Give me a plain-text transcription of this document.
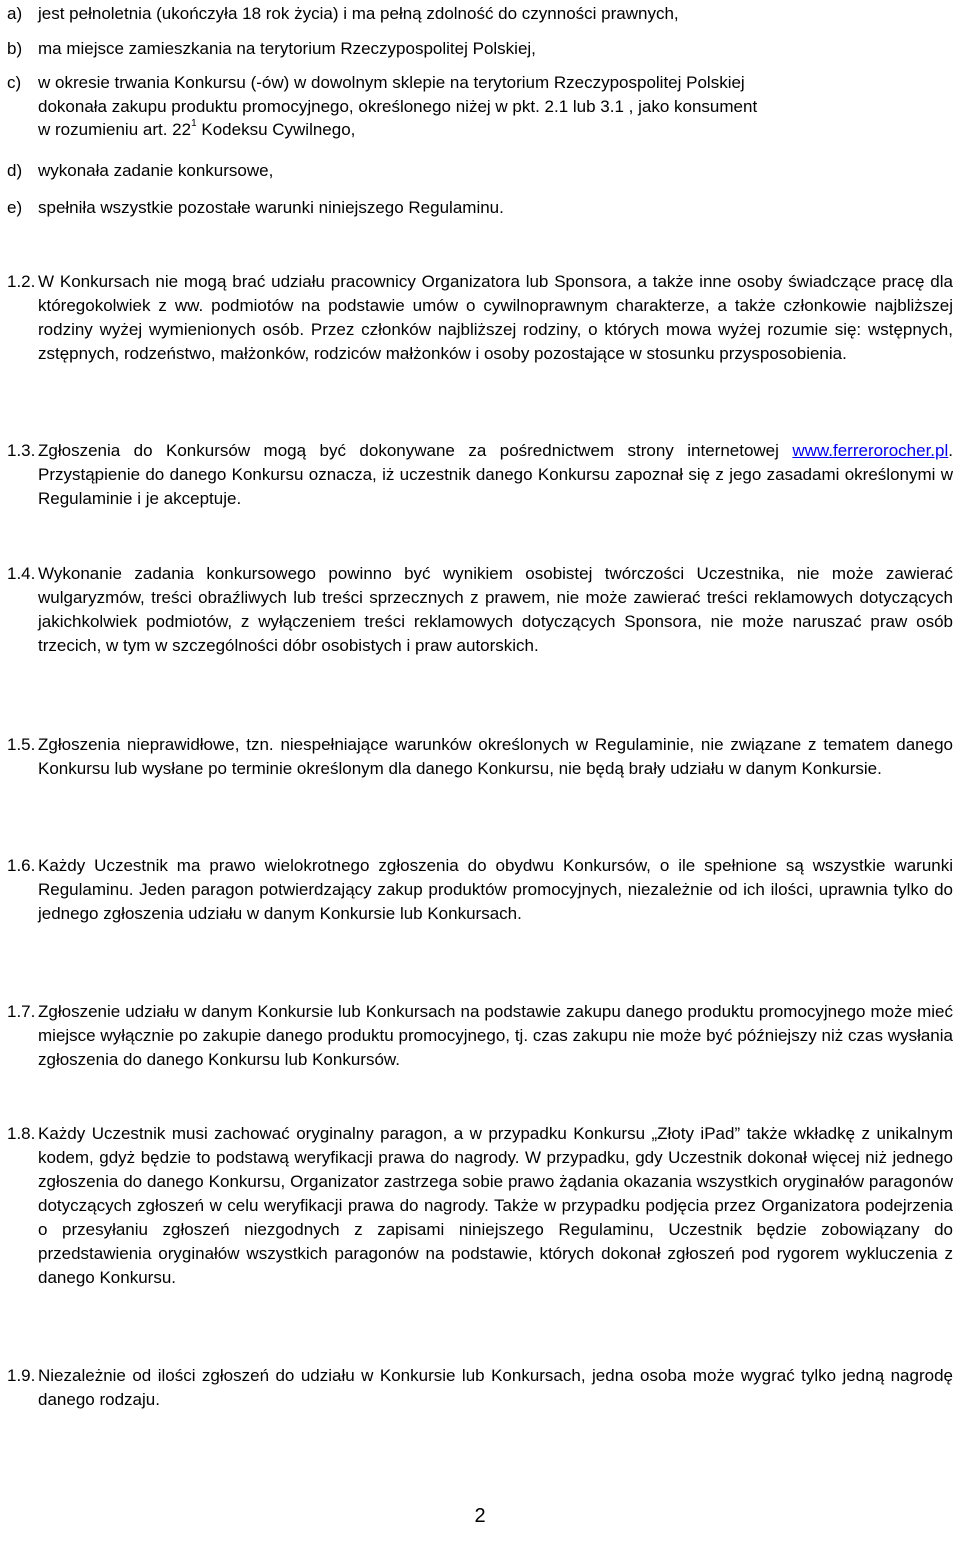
a) jest pełnoletnia (ukończyła 18 rok życia) i ma pełną zdolność do czynności prawnych,
b) ma miejsce zamieszkania na terytorium Rzeczypospolitej Polskiej,
c) w okresie trwania Konkursu (-ów) w dowolnym sklepie na terytorium Rzeczypospolitej Polskiej
dokonała zakupu produktu promocyjnego, określonego niżej w pkt. 2.1 lub 3.1 , jako konsument
w rozumieniu art. $22^1$ Kodeksu Cywilnego,
d) wykonała zadanie konkursowe,
e) spełniła wszystkie pozostałe warunki niniejszego Regulaminu.
1.2. W Konkursach nie mogą brać udziału pracownicy Organizatora lub Sponsora, a także inne osoby świadczące pracę dla któregokolwiek z ww. podmiotów na podstawie umów o cywilnoprawnym charakterze, a także członkowie najbliższej rodziny wyżej wymienionych osób. Przez członków najbliższej rodziny, o których mowa wyżej rozumie się: wstępnych, zstępnych, rodzeństwo, małżonków, rodziców małżonków i osoby pozostające w stosunku przysposobienia.

1.3. Zgłoszenia do Konkursów mogą być dokonywane za pośrednictwem strony internetowej www.ferrerorocher.pl. Przystąpienie do danego Konkursu oznacza, iż uczestnik danego Konkursu zapoznał się z jego zasadami określonymi w Regulaminie i je akceptuje.

1.4. Wykonanie zadania konkursowego powinno być wynikiem osobistej twórczości Uczestnika, nie może zawierać wulgaryzmów, treści obraźliwych lub treści sprzecznych z prawem, nie może zawierać treści reklamowych dotyczących jakichkolwiek podmiotów, z wyłączeniem treści reklamowych dotyczących Sponsora, nie może naruszać praw osób trzecich, w tym w szczególności dóbr osobistych i praw autorskich.

1.5. Zgłoszenia nieprawidłowe, tzn. niespełniające warunków określonych w Regulaminie, nie związane z tematem danego Konkursu lub wysłane po terminie określonym dla danego Konkursu, nie będą brały udziału w danym Konkursie.

1.6. Każdy Uczestnik ma prawo wielokrotnego zgłoszenia do obydwu Konkursów, o ile spełnione są wszystkie warunki Regulaminu. Jeden paragon potwierdzający zakup produktów promocyjnych, niezależnie od ich ilości, uprawnia tylko do jednego zgłoszenia udziału w danym Konkursie lub Konkursach.

1.7. Zgłoszenie udziału w danym Konkursie lub Konkursach na podstawie zakupu danego produktu promocyjnego może mieć miejsce wyłącznie po zakupie danego produktu promocyjnego, tj. czas zakupu nie może być późniejszy niż czas wysłania zgłoszenia do danego Konkursu lub Konkursów.

1.8. Każdy Uczestnik musi zachować oryginalny paragon, a w przypadku Konkursu „Złoty iPad” także wkładkę z unikalnym kodem, gdyż będzie to podstawą weryfikacji prawa do nagrody. W przypadku, gdy Uczestnik dokonał więcej niż jednego zgłoszenia do danego Konkursu, Organizator zastrzega sobie prawo żądania okazania wszystkich oryginałów paragonów dotyczących zgłoszeń w celu weryfikacji prawa do nagrody. Także w przypadku podjęcia przez Organizatora podejrzenia o przesyłaniu zgłoszeń niezgodnych z zapisami niniejszego Regulaminu, Uczestnik będzie zobowiązany do przedstawienia oryginałów wszystkich paragonów na podstawie, których dokonał zgłoszeń pod rygorem wykluczenia z danego Konkursu.

1.9. Niezależnie od ilości zgłoszeń do udziału w Konkursie lub Konkursach, jedna osoba może wygrać tylko jedną nagrodę danego rodzaju.

2
